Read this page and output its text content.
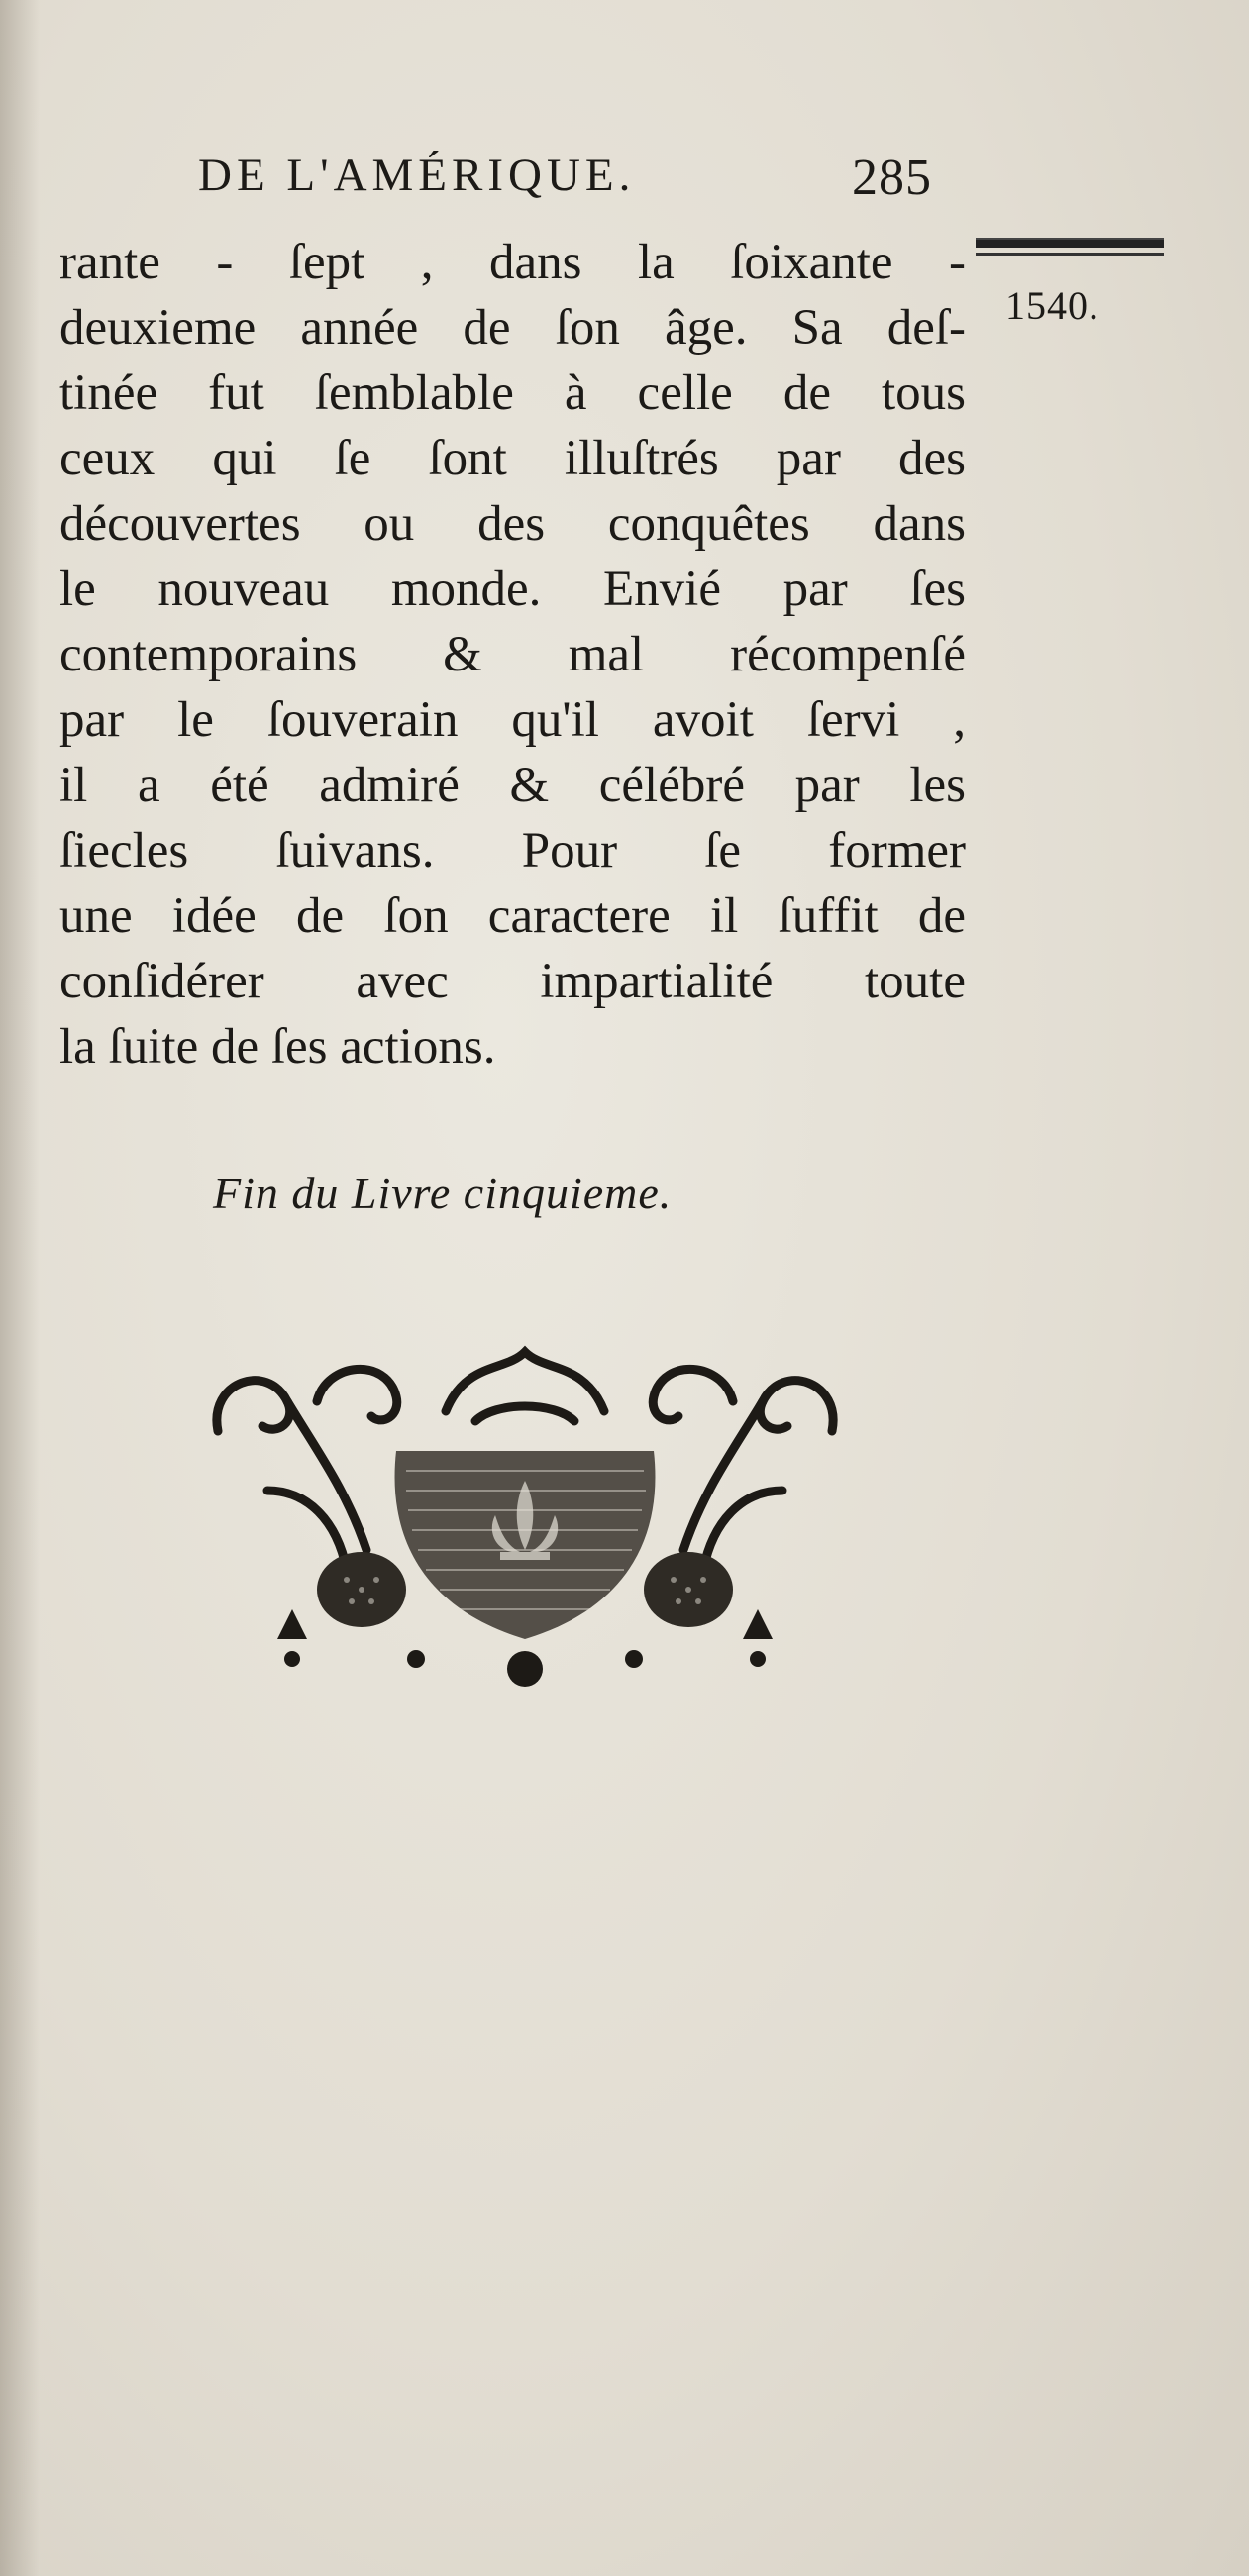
DE L'AMÉRIQUE.	285
1540.
rante - ſept , dans la ſoixante -
deuxieme année de ſon âge. Sa deſ-
tinée fut ſemblable à celle de tous
ceux qui ſe ſont illuſtrés par des
découvertes ou des conquêtes dans
le nouveau monde. Envié par ſes
contemporains & mal récompenſé
par le ſouverain qu'il avoit ſervi ,
il a été admiré & célébré par les
ſiecles ſuivans. Pour ſe former
une idée de ſon caractere il ſuffit de
conſidérer avec impartialité toute
la ſuite de ſes actions.
Fin du Livre cinquieme.
